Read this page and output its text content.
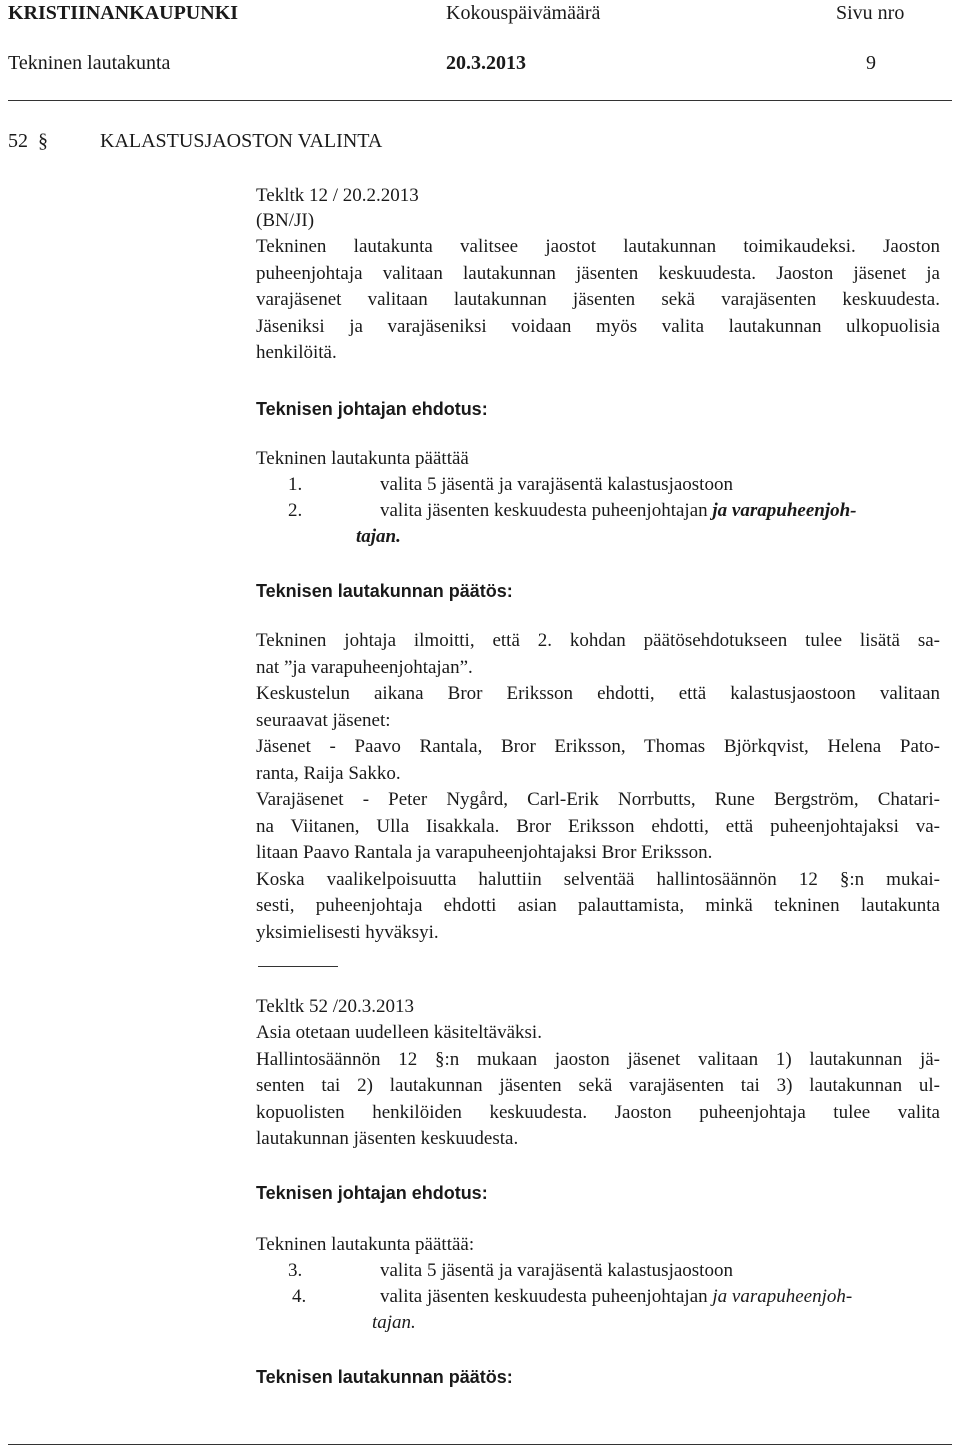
KRISTIINANKAUPUNKI	Kokouspäivämäärä	Sivu nro
Tekninen lautakunta	20.3.2013	9
52 §	KALASTUSJAOSTON VALINTA
Tekltk 12 / 20.2.2013
(BN/JI)

Tekninen lautakunta valitsee jaostot lautakunnan toimikaudeksi. Jaoston

puheenjohtaja valitaan lautakunnan jäsenten keskuudesta. Jaoston jäsenet ja

varajäsenet valitaan lautakunnan jäsenten sekä varajäsenten keskuudesta.

Jäseniksi ja varajäseniksi voidaan myös valita lautakunnan ulkopuolisia

henkilöitä.

Teknisen johtajan ehdotus:
Tekninen lautakunta päättää
1.	valita 5 jäsentä ja varajäsentä kalastusjaostoon
2.	valita jäsenten keskuudesta puheenjohtajan ja varapuheenjoh-
tajan.
Teknisen lautakunnan päätös:

Tekninen johtaja ilmoitti, että 2. kohdan päätösehdotukseen tulee lisätä sa-

nat ”ja varapuheenjohtajan”.

Keskustelun aikana Bror Eriksson ehdotti, että kalastusjaostoon valitaan

seuraavat jäsenet:

Jäsenet - Paavo Rantala, Bror Eriksson, Thomas Björkqvist, Helena Pato-

ranta, Raija Sakko.

Varajäsenet - Peter Nygård, Carl-Erik Norrbutts, Rune Bergström, Chatari-

na Viitanen, Ulla Iisakkala. Bror Eriksson ehdotti, että puheenjohtajaksi va-

litaan Paavo Rantala ja varapuheenjohtajaksi Bror Eriksson.

Koska vaalikelpoisuutta haluttiin selventää hallintosäännön 12 §:n mukai-

sesti, puheenjohtaja ehdotti asian palauttamista, minkä tekninen lautakunta

yksimielisesti hyväksyi.

Tekltk 52 /20.3.2013

Asia otetaan uudelleen käsiteltäväksi.

Hallintosäännön 12 §:n mukaan jaoston jäsenet valitaan 1) lautakunnan jä-

senten tai 2) lautakunnan jäsenten sekä varajäsenten tai 3) lautakunnan ul-

kopuolisten henkilöiden keskuudesta. Jaoston puheenjohtaja tulee valita

lautakunnan jäsenten keskuudesta.

Teknisen johtajan ehdotus:
Tekninen lautakunta päättää:
3.	valita 5 jäsentä ja varajäsentä kalastusjaostoon
4.	valita jäsenten keskuudesta puheenjohtajan ja varapuheenjoh-
tajan.
Teknisen lautakunnan päätös:
